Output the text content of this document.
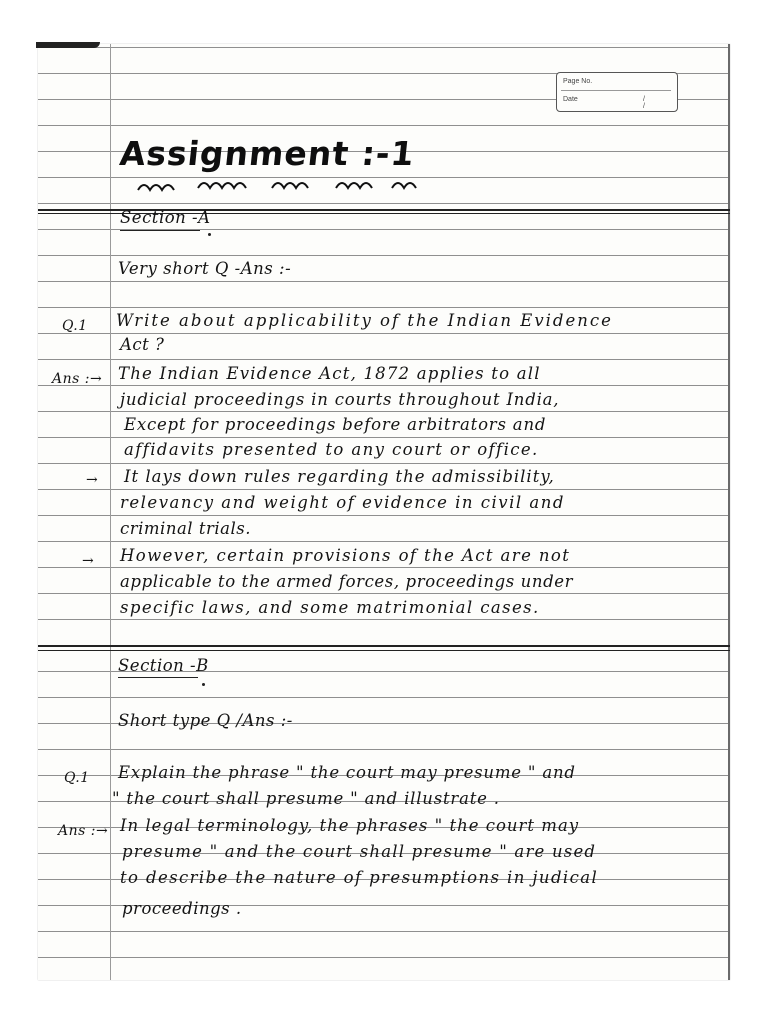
Page No.
Date	/ /
Assignment :-1
Section -A
Very short Q -Ans :-
Q.1 Write about applicability of the Indian Evidence
Act ?
Ans :→ The Indian Evidence Act, 1872 applies to all
judicial proceedings in courts throughout India,
Except for proceedings before arbitrators and
affidavits presented to any court or office.
→ It lays down rules regarding the admissibility,
relevancy and weight of evidence in civil and
criminal trials.
→ However, certain provisions of the Act are not
applicable to the armed forces, proceedings under
specific laws, and some matrimonial cases.
Section -B
Short type Q /Ans :-
Q.1 Explain the phrase " the court may presume " and
" the court shall presume " and illustrate .
Ans :→ In legal terminology, the phrases " the court may
presume " and the court shall presume " are used
to describe the nature of presumptions in judical
proceedings .
